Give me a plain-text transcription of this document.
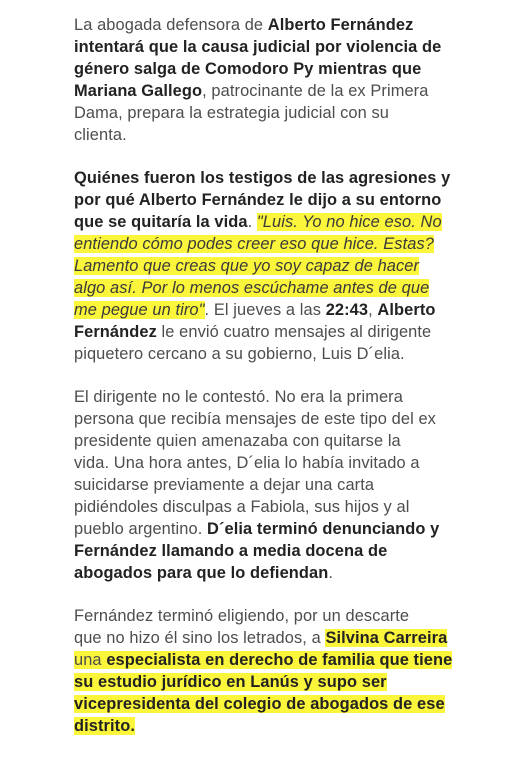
La abogada defensora de Alberto Fernández
intentará que la causa judicial por violencia de
género salga de Comodoro Py mientras que
Mariana Gallego, patrocinante de la ex Primera
Dama, prepara la estrategia judicial con su
clienta.

Quiénes fueron los testigos de las agresiones y
por qué Alberto Fernández le dijo a su entorno
que se quitaría la vida. "Luis. Yo no hice eso. No
entiendo cómo podes creer eso que hice. Estas?
Lamento que creas que yo soy capaz de hacer
algo así. Por lo menos escúchame antes de que
me pegue un tiro". El jueves a las 22:43, Alberto
Fernández le envió cuatro mensajes al dirigente
piquetero cercano a su gobierno, Luis D´elia.

El dirigente no le contestó. No era la primera
persona que recibía mensajes de este tipo del ex
presidente quien amenazaba con quitarse la
vida. Una hora antes, D´elia lo había invitado a
suicidarse previamente a dejar una carta
pidiéndoles disculpas a Fabiola, sus hijos y al
pueblo argentino. D´elia terminó denunciando y
Fernández llamando a media docena de
abogados para que lo defiendan.

Fernández terminó eligiendo, por un descarte
que no hizo él sino los letrados, a Silvina Carreira
una especialista en derecho de familia que tiene
su estudio jurídico en Lanús y supo ser
vicepresidenta del colegio de abogados de ese
distrito.
